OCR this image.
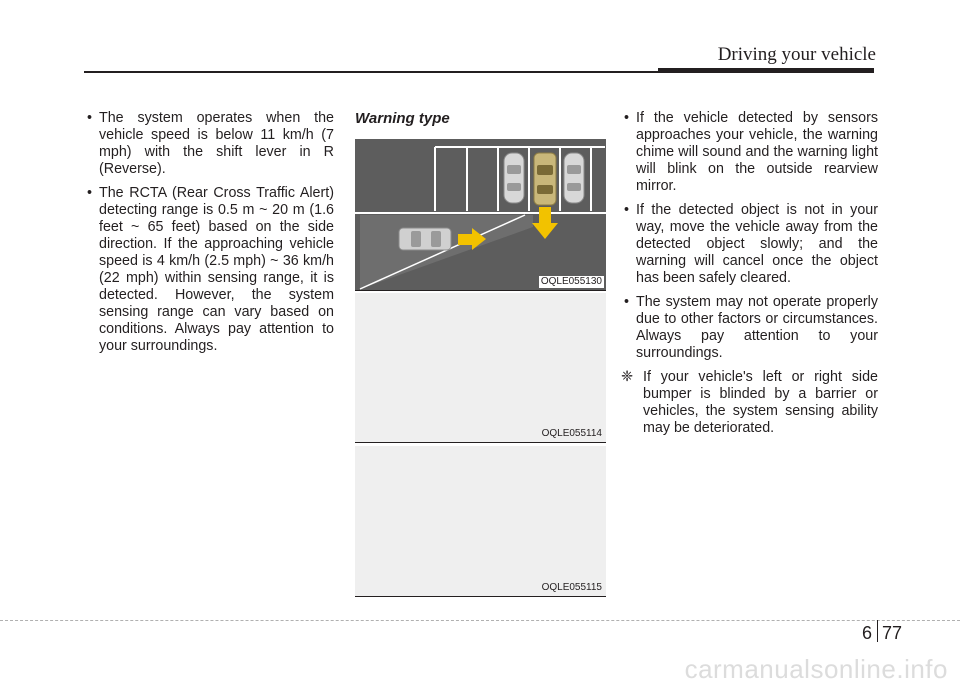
Driving your vehicle
• The system operates when the vehicle speed is below 11 km/h (7 mph) with the shift lever in R (Reverse).
• The RCTA (Rear Cross Traffic Alert) detecting range is 0.5 m ~ 20 m (1.6 feet ~ 65 feet) based on the side direction. If the approaching vehicle speed is 4 km/h (2.5 mph) ~ 36 km/h (22 mph) within sensing range, it is detected. However, the system sensing range can vary based on conditions. Always pay attention to your surroundings.
Warning type
OQLE055130
OQLE055114
OQLE055115
• If the vehicle detected by sensors approaches your vehicle, the warning chime will sound and the warning light will blink on the outside rearview mirror.
• If the detected object is not in your way, move the vehicle away from the detected object slowly; and the warning will cancel once the object has been safely cleared.
• The system may not operate properly due to other factors or circumstances. Always pay attention to your surroundings.
❈ If your vehicle's left or right side bumper is blinded by a barrier or vehicles, the system sensing ability may be deteriorated.
6 77
carmanualsonline.info
